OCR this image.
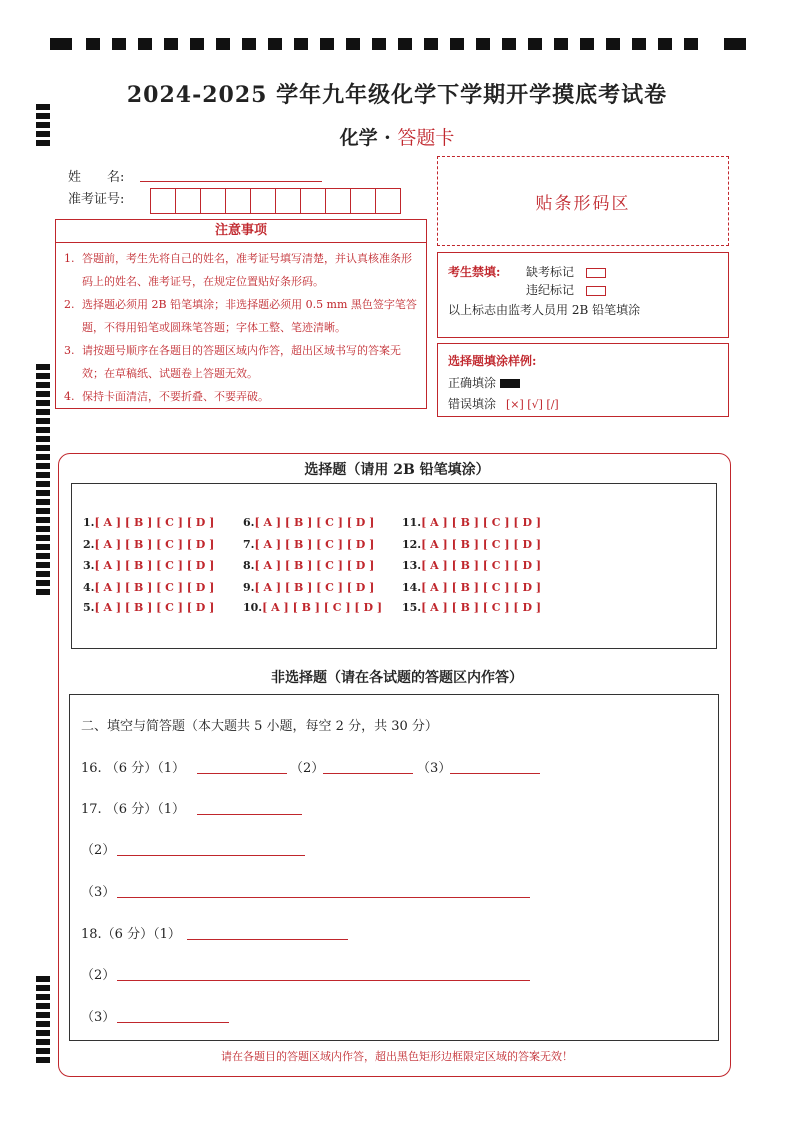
2024-2025 学年九年级化学下学期开学摸底考试卷
化学 · 答题卡
姓　　名:
准考证号:	贴条形码区
注意事项
1. 答题前，考生先将自己的姓名，准考证号填写清楚，并认真核准条形码上的姓名、准考证号，在规定位置贴好条形码。
2. 选择题必须用 2B 铅笔填涂；非选择题必须用 0.5 mm 黑色签字笔答题，不得用铅笔或圆珠笔答题；字体工整、笔迹清晰。
3. 请按题号顺序在各题目的答题区域内作答，超出区域书写的答案无效；在草稿纸、试题卷上答题无效。
4. 保持卡面清洁，不要折叠、不要弄破。
考生禁填: 缺考标记
违纪标记
以上标志由监考人员用 2B 铅笔填涂
选择题填涂样例:
正确填涂
错误填涂 [×] [√] [/]
选择题（请用 2B 铅笔填涂）
1.[ A ] [ B ] [ C ] [ D ]
2.[ A ] [ B ] [ C ] [ D ]
3.[ A ] [ B ] [ C ] [ D ]
4.[ A ] [ B ] [ C ] [ D ]
5.[ A ] [ B ] [ C ] [ D ]
6.[ A ] [ B ] [ C ] [ D ]
7.[ A ] [ B ] [ C ] [ D ]
8.[ A ] [ B ] [ C ] [ D ]
9.[ A ] [ B ] [ C ] [ D ]
10.[ A ] [ B ] [ C ] [ D ]
11.[ A ] [ B ] [ C ] [ D ]
12.[ A ] [ B ] [ C ] [ D ]
13.[ A ] [ B ] [ C ] [ D ]
14.[ A ] [ B ] [ C ] [ D ]
15.[ A ] [ B ] [ C ] [ D ]
非选择题（请在各试题的答题区内作答）
二、填空与简答题（本大题共 5 小题，每空 2 分，共 30 分）
16. （6 分）（1）	（2）	（3）
17. （6 分）（1）
（2）
（3）
18.（6 分）（1）
（2）
（3）
请在各题目的答题区域内作答，超出黑色矩形边框限定区域的答案无效！
